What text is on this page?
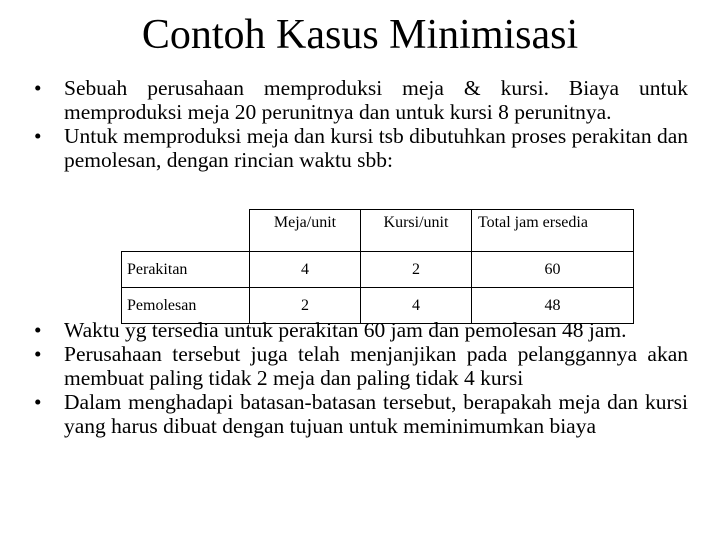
Contoh Kasus Minimisasi
•	Sebuah perusahaan memproduksi meja & kursi. Biaya untuk memproduksi meja 20 perunitnya dan untuk kursi 8 perunitnya.
•	Untuk memproduksi meja dan kursi tsb dibutuhkan proses perakitan dan pemolesan, dengan rincian waktu sbb:
	Meja/unit	Kursi/unit	Total jam ersedia
Perakitan	4	2	60
Pemolesan	2	4	48
•	Waktu yg tersedia untuk perakitan 60 jam dan pemolesan 48 jam.
•	Perusahaan tersebut juga telah menjanjikan pada pelanggannya akan membuat paling tidak 2 meja dan paling tidak 4 kursi
•	Dalam menghadapi batasan-batasan tersebut, berapakah meja dan kursi yang harus dibuat dengan tujuan untuk meminimumkan biaya
